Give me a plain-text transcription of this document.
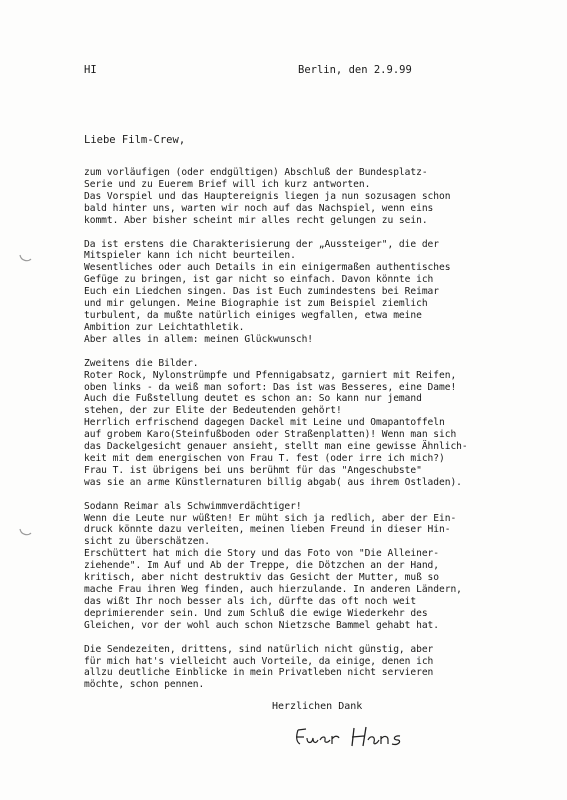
HI	Berlin, den 2.9.99
Liebe Film-Crew,
zum vorläufigen (oder endgültigen) Abschluß der Bundesplatz-
Serie und zu Euerem Brief will ich kurz antworten.
Das Vorspiel und das Hauptereignis liegen ja nun sozusagen schon
bald hinter uns, warten wir noch auf das Nachspiel, wenn eins
kommt. Aber bisher scheint mir alles recht gelungen zu sein.
Da ist erstens die Charakterisierung der „Aussteiger", die der
Mitspieler kann ich nicht beurteilen.
Wesentliches oder auch Details in ein einigermaßen authentisches
Gefüge zu bringen, ist gar nicht so einfach. Davon könnte ich
Euch ein Liedchen singen. Das ist Euch zumindestens bei Reimar
und mir gelungen. Meine Biographie ist zum Beispiel ziemlich
turbulent, da mußte natürlich einiges wegfallen, etwa meine
Ambition zur Leichtathletik.
Aber alles in allem: meinen Glückwunsch!
Zweitens die Bilder.
Roter Rock, Nylonstrümpfe und Pfennigabsatz, garniert mit Reifen,
oben links - da weiß man sofort: Das ist was Besseres, eine Dame!
Auch die Fußstellung deutet es schon an: So kann nur jemand
stehen, der zur Elite der Bedeutenden gehört!
Herrlich erfrischend dagegen Dackel mit Leine und Omapantoffeln
auf grobem Karo(Steinfußboden oder Straßenplatten)! Wenn man sich
das Dackelgesicht genauer ansieht, stellt man eine gewisse Ähnlich-
keit mit dem energischen von Frau T. fest (oder irre ich mich?)
Frau T. ist übrigens bei uns berühmt für das "Angeschubste"
was sie an arme Künstlernaturen billig abgab( aus ihrem Ostladen).
Sodann Reimar als Schwimmverdächtiger!
Wenn die Leute nur wüßten! Er müht sich ja redlich, aber der Ein-
druck könnte dazu verleiten, meinen lieben Freund in dieser Hin-
sicht zu überschätzen.
Erschüttert hat mich die Story und das Foto von "Die Alleiner-
ziehende". Im Auf und Ab der Treppe, die Dötzchen an der Hand,
kritisch, aber nicht destruktiv das Gesicht der Mutter, muß so
mache Frau ihren Weg finden, auch hierzulande. In anderen Ländern,
das wißt Ihr noch besser als ich, dürfte das oft noch weit
deprimierender sein. Und zum Schluß die ewige Wiederkehr des
Gleichen, vor der wohl auch schon Nietzsche Bammel gehabt hat.
Die Sendezeiten, drittens, sind natürlich nicht günstig, aber
für mich hat's vielleicht auch Vorteile, da einige, denen ich
allzu deutliche Einblicke in mein Privatleben nicht servieren
möchte, schon pennen.
Herzlichen Dank
